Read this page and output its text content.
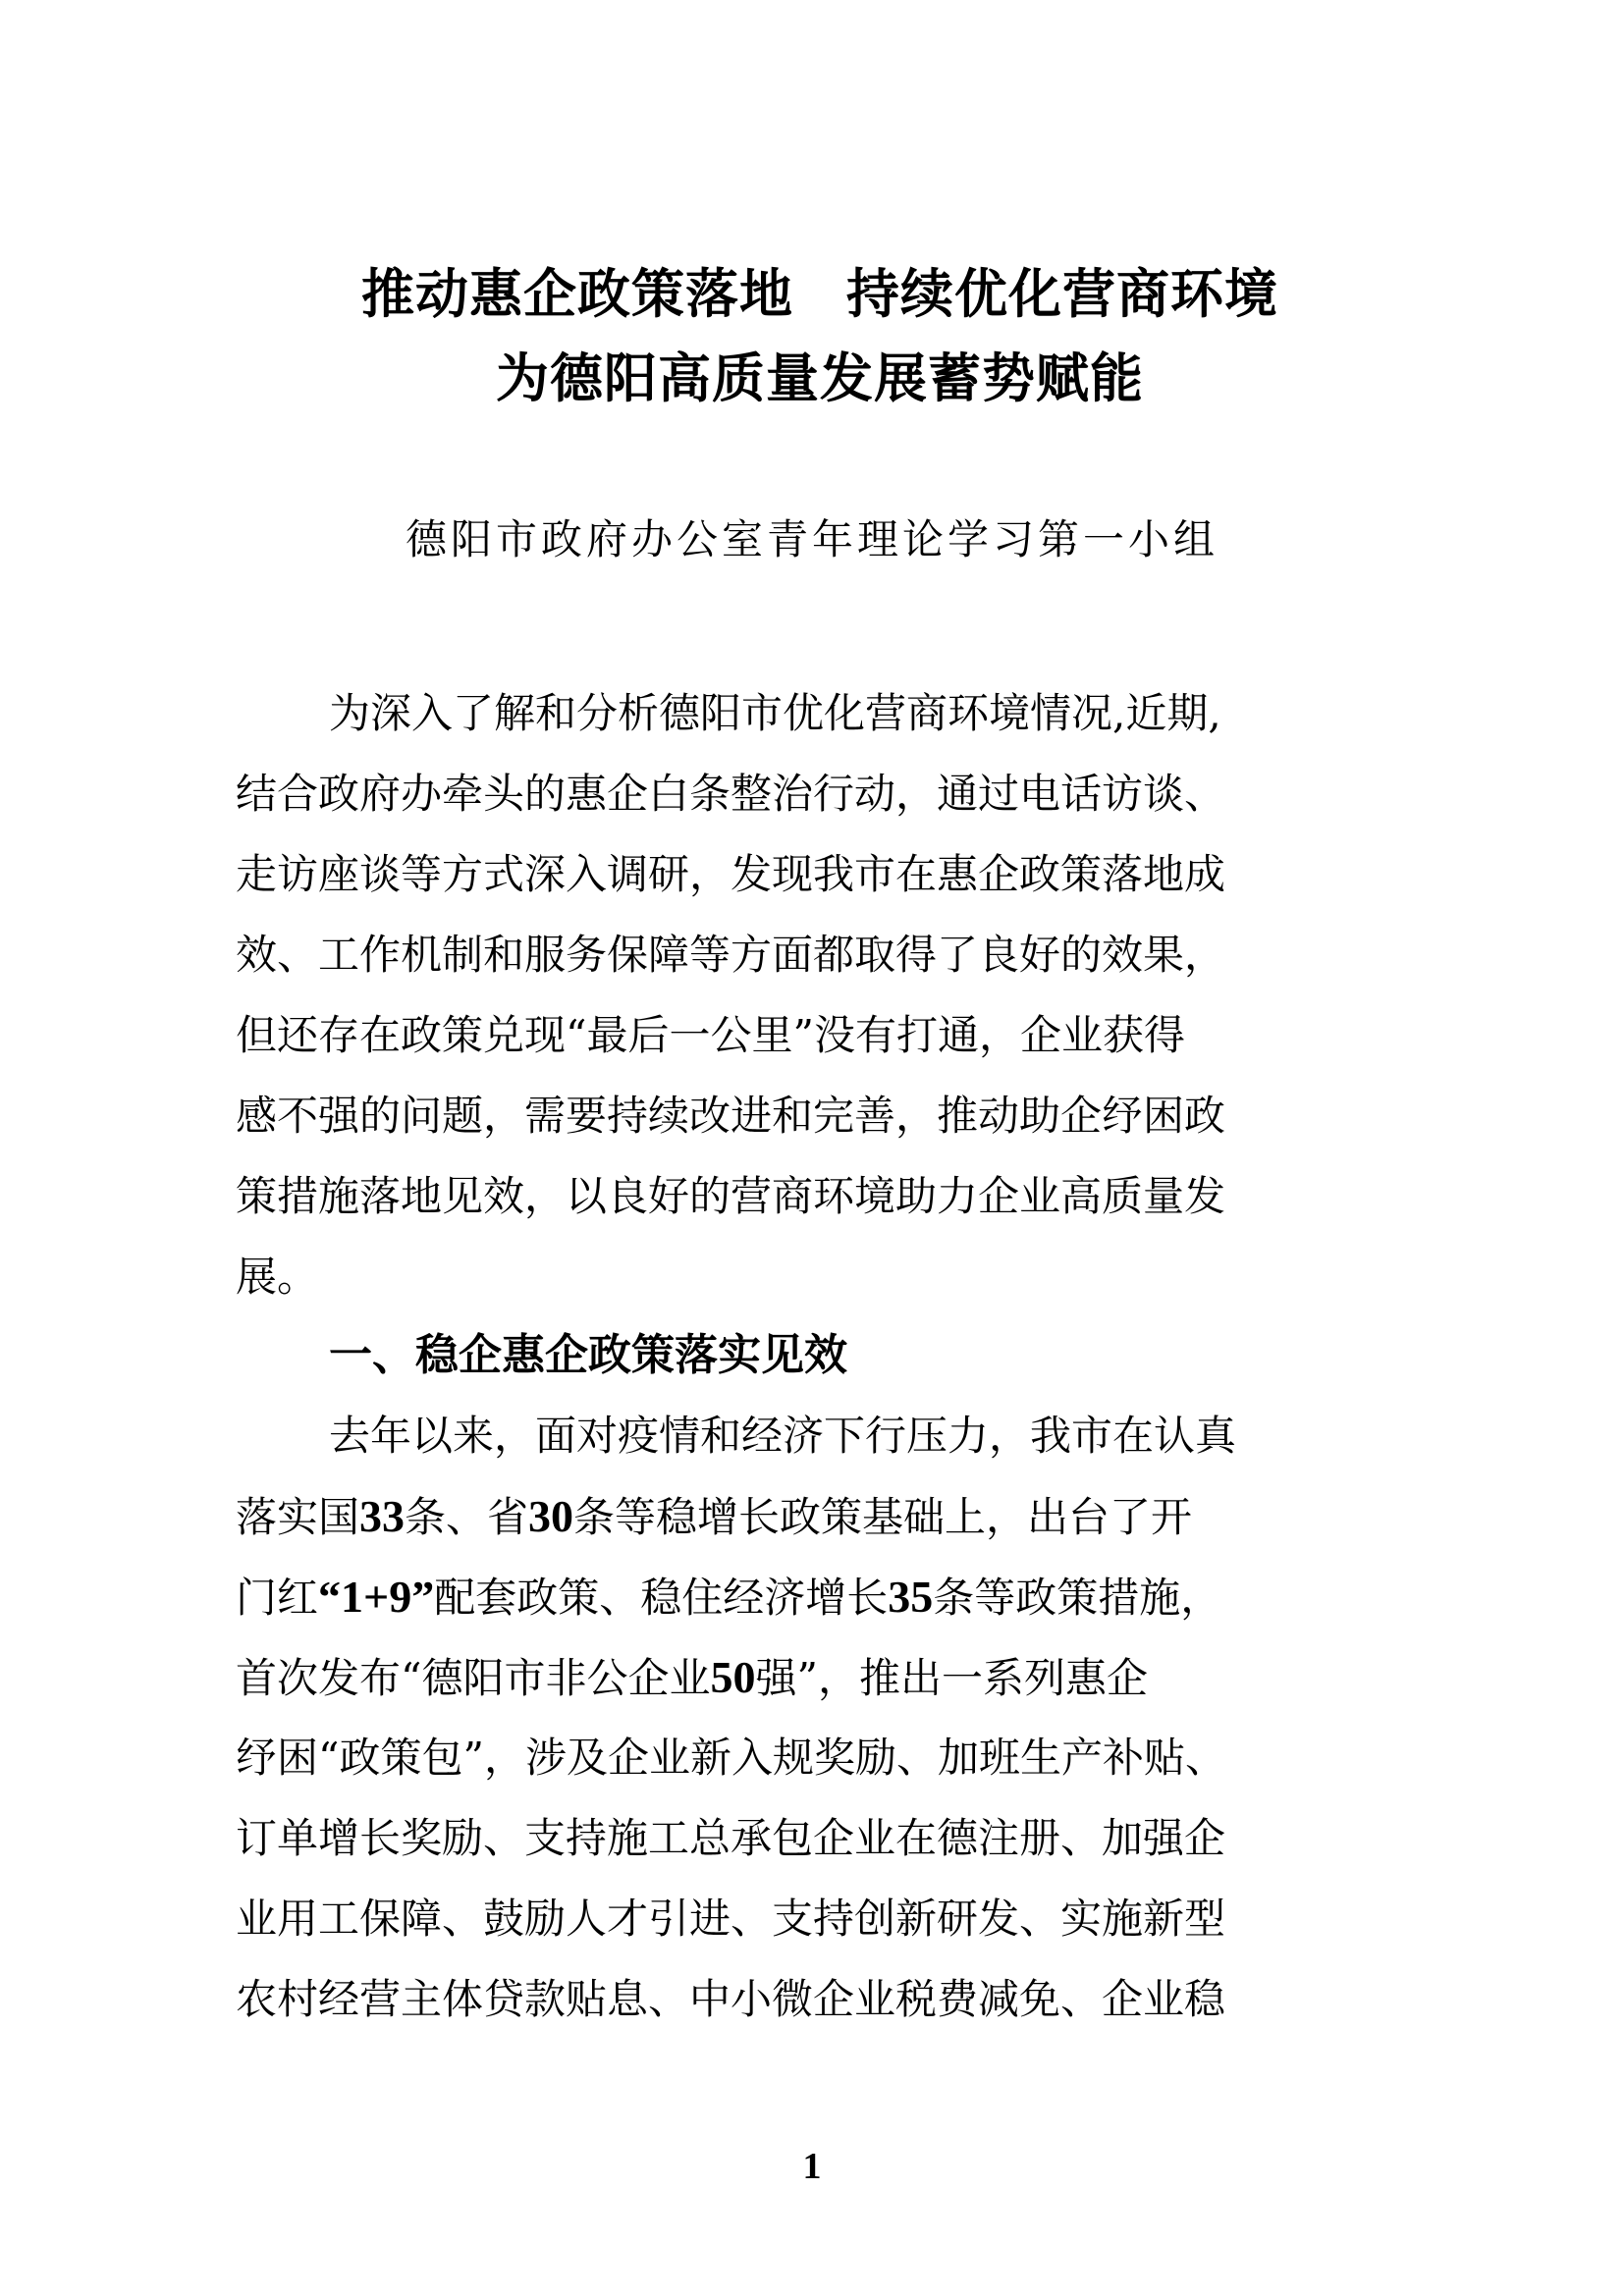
推动惠企政策落地 持续优化营商环境
为德阳高质量发展蓄势赋能
德阳市政府办公室青年理论学习第一小组
为深入了解和分析德阳市优化营商环境情况,近期,
结合政府办牵头的惠企白条整治行动，通过电话访谈、
走访座谈等方式深入调研，发现我市在惠企政策落地成
效、工作机制和服务保障等方面都取得了良好的效果，
但还存在政策兑现“最后一公里”没有打通，企业获得
感不强的问题，需要持续改进和完善，推动助企纾困政
策措施落地见效，以良好的营商环境助力企业高质量发
展。
一、稳企惠企政策落实见效
去年以来，面对疫情和经济下行压力，我市在认真
落实国33条、省30条等稳增长政策基础上，出台了开
门红“1+9”配套政策、稳住经济增长35条等政策措施，
首次发布“德阳市非公企业50强”，推出一系列惠企
纾困“政策包”，涉及企业新入规奖励、加班生产补贴、
订单增长奖励、支持施工总承包企业在德注册、加强企
业用工保障、鼓励人才引进、支持创新研发、实施新型
农村经营主体贷款贴息、中小微企业税费减免、企业稳
1
